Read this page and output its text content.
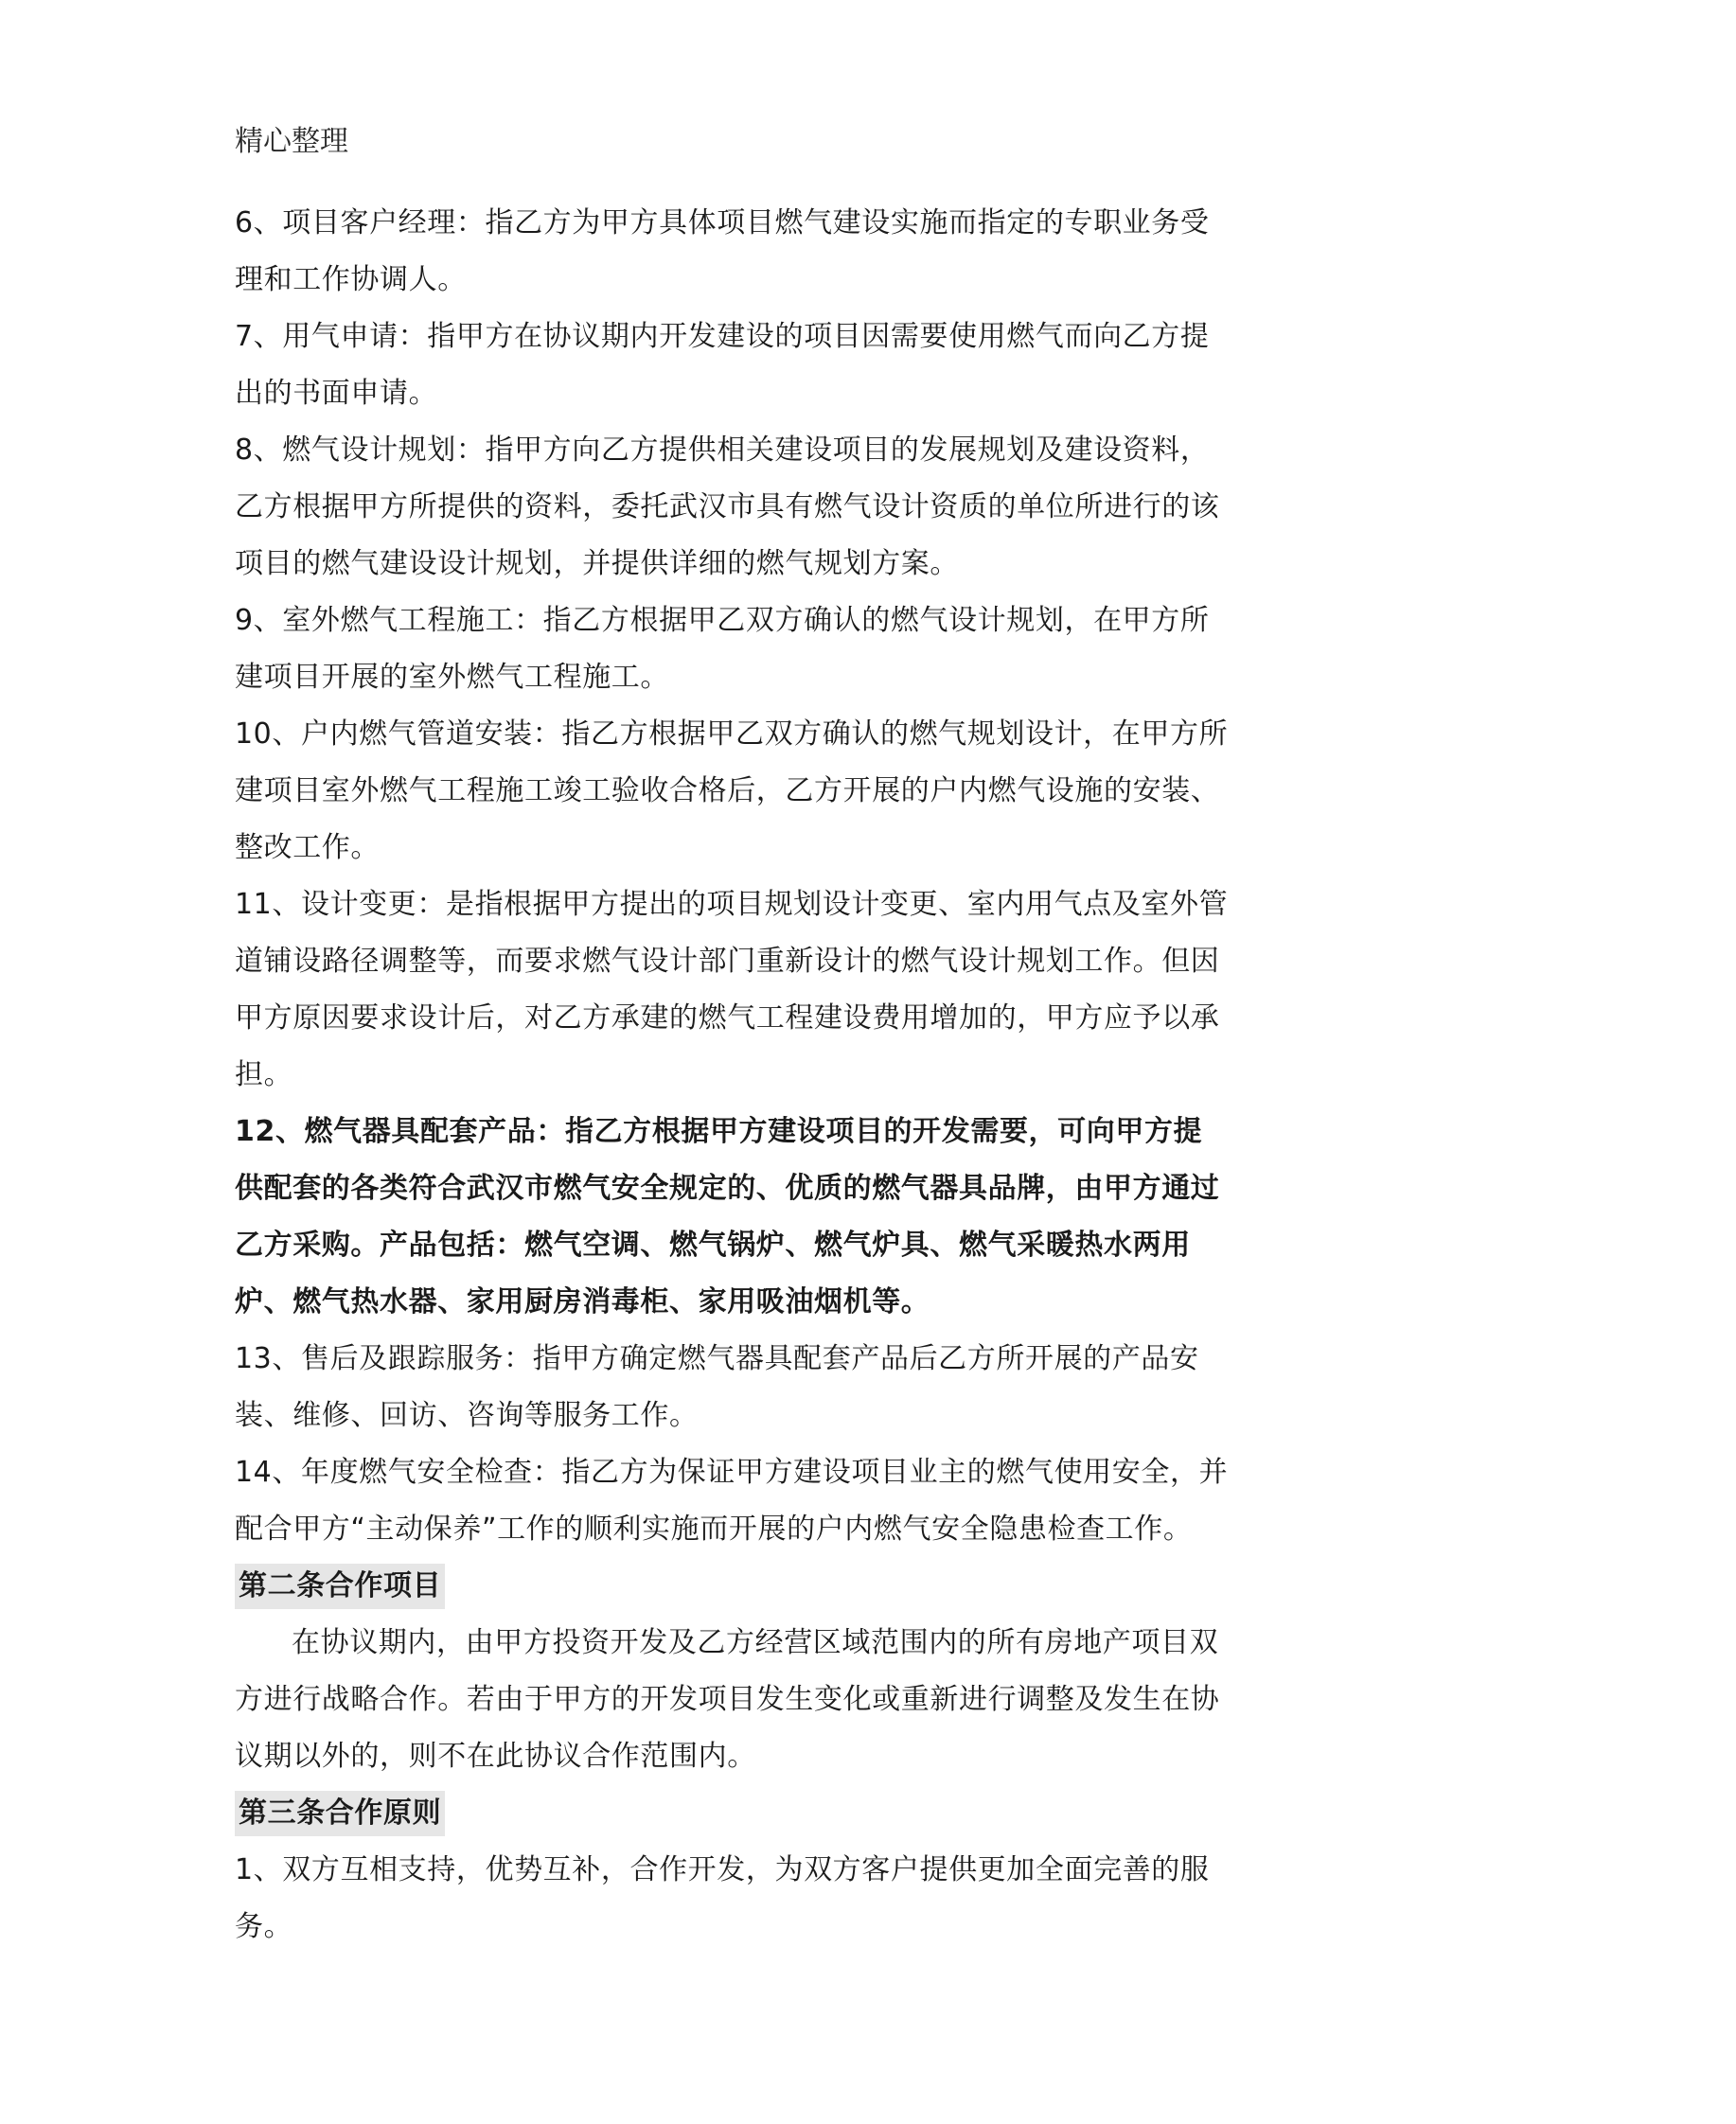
精心整理

6、项目客户经理：指乙方为甲方具体项目燃气建设实施而指定的专职业务受理和工作协调人。

7、用气申请：指甲方在协议期内开发建设的项目因需要使用燃气而向乙方提出的书面申请。

8、燃气设计规划：指甲方向乙方提供相关建设项目的发展规划及建设资料，乙方根据甲方所提供的资料，委托武汉市具有燃气设计资质的单位所进行的该项目的燃气建设设计规划，并提供详细的燃气规划方案。

9、室外燃气工程施工：指乙方根据甲乙双方确认的燃气设计规划，在甲方所建项目开展的室外燃气工程施工。

10、户内燃气管道安装：指乙方根据甲乙双方确认的燃气规划设计，在甲方所建项目室外燃气工程施工竣工验收合格后，乙方开展的户内燃气设施的安装、整改工作。

11、设计变更：是指根据甲方提出的项目规划设计变更、室内用气点及室外管道铺设路径调整等，而要求燃气设计部门重新设计的燃气设计规划工作。但因甲方原因要求设计后，对乙方承建的燃气工程建设费用增加的，甲方应予以承担。

12、燃气器具配套产品：指乙方根据甲方建设项目的开发需要，可向甲方提供配套的各类符合武汉市燃气安全规定的、优质的燃气器具品牌，由甲方通过乙方采购。产品包括：燃气空调、燃气锅炉、燃气炉具、燃气采暖热水两用炉、燃气热水器、家用厨房消毒柜、家用吸油烟机等。

13、售后及跟踪服务：指甲方确定燃气器具配套产品后乙方所开展的产品安装、维修、回访、咨询等服务工作。

14、年度燃气安全检查：指乙方为保证甲方建设项目业主的燃气使用安全，并配合甲方“主动保养”工作的顺利实施而开展的户内燃气安全隐患检查工作。

第二条合作项目

在协议期内，由甲方投资开发及乙方经营区域范围内的所有房地产项目双方进行战略合作。若由于甲方的开发项目发生变化或重新进行调整及发生在协议期以外的，则不在此协议合作范围内。

第三条合作原则

1、双方互相支持，优势互补，合作开发，为双方客户提供更加全面完善的服务。
